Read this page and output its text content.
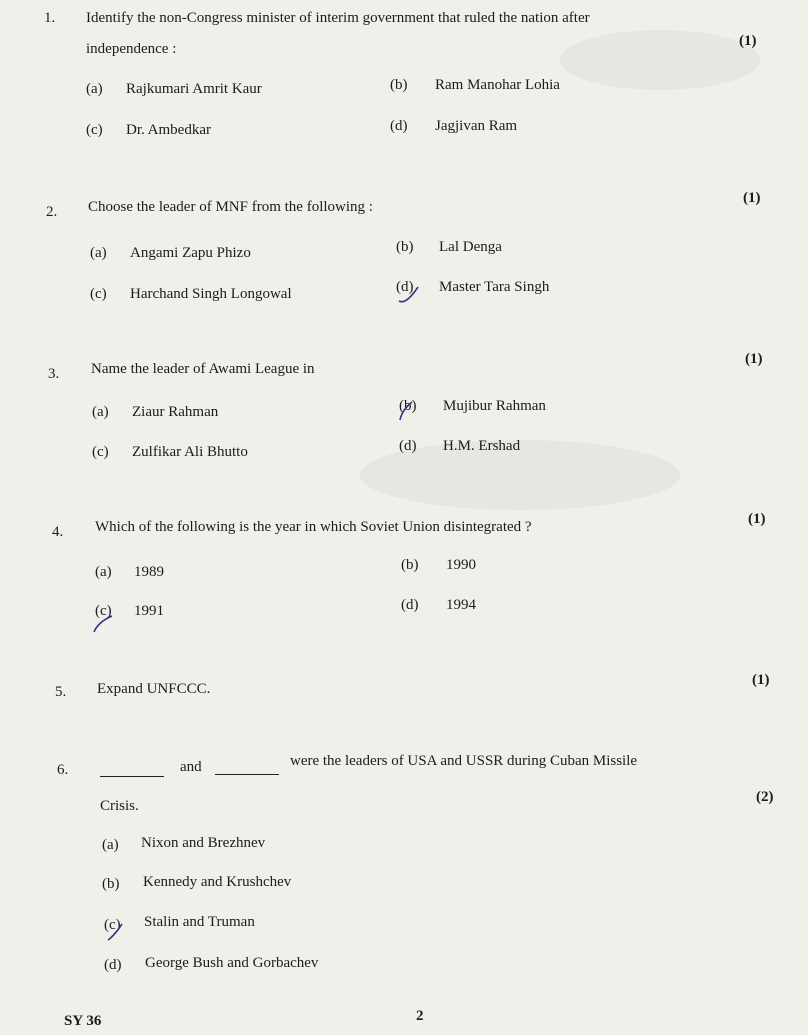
1. Identify the non-Congress minister of interim government that ruled the nation after
independence :	(1)
(a) Rajkumari Amrit Kaur	(b) Ram Manohar Lohia
(c) Dr. Ambedkar	(d) Jagjivan Ram
2. Choose the leader of MNF from the following :
(1)
(a) Angami Zapu Phizo	(b) Lal Denga
(c) Harchand Singh Longowal	(d) Master Tara Singh
3. Name the leader of Awami League in
(1)
(a) Ziaur Rahman	(b) Mujibur Rahman
(c) Zulfikar Ali Bhutto	(d) H.M. Ershad
4. Which of the following is the year in which Soviet Union disintegrated ?	(1)
(a) 1989	(b) 1990
(c) 1991	(d) 1994
5. Expand UNFCCC.
(1)
6.	and	were the leaders of USA and USSR during Cuban Missile
Crisis.
(2)
(a) Nixon and Brezhnev
(b) Kennedy and Krushchev
(c) Stalin and Truman
(d) George Bush and Gorbachev
SY 36	2
